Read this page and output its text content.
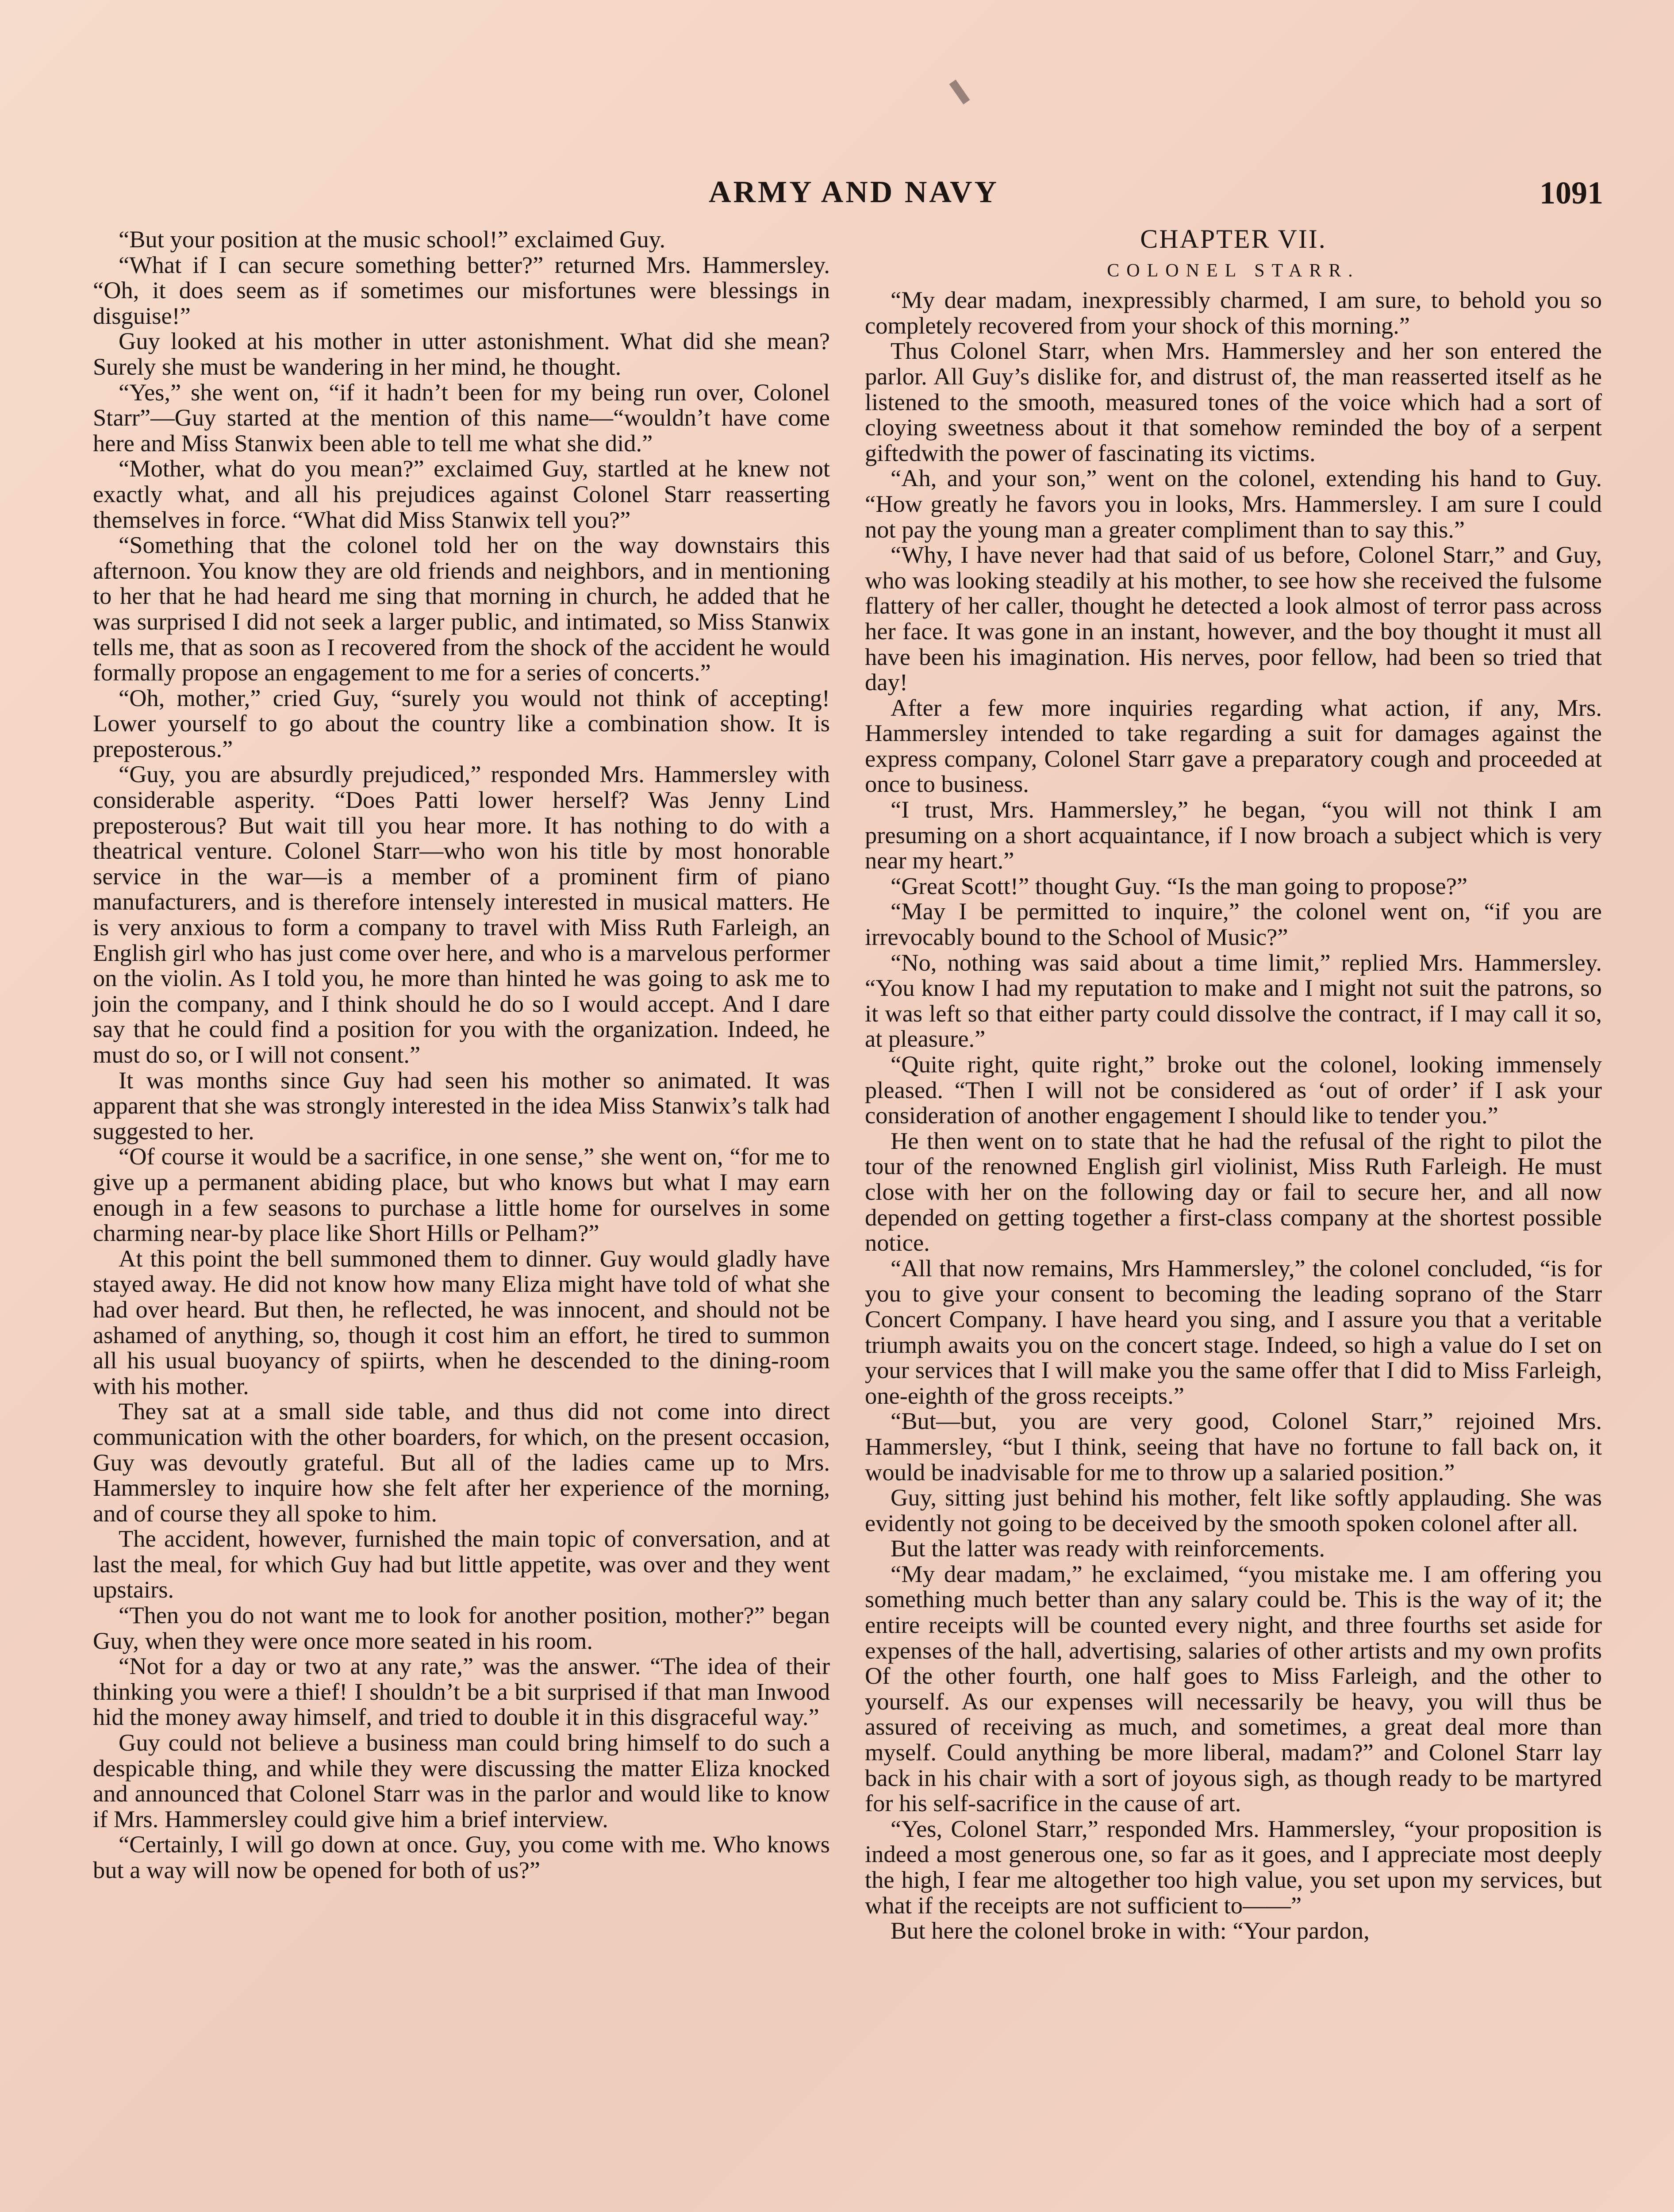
ARMY AND NAVY	1091

“But your position at the music school!” exclaimed Guy.

“What if I can secure something better?” returned Mrs. Hammersley. “Oh, it does seem as if sometimes our misfortunes were blessings in disguise!”

Guy looked at his mother in utter astonishment. What did she mean? Surely she must be wandering in her mind, he thought.

“Yes,” she went on, “if it hadn’t been for my being run over, Colonel Starr”—Guy started at the mention of this name—“wouldn’t have come here and Miss Stanwix been able to tell me what she did.”

“Mother, what do you mean?” exclaimed Guy, startled at he knew not exactly what, and all his prejudices against Colonel Starr reasserting themselves in force. “What did Miss Stanwix tell you?”

“Something that the colonel told her on the way downstairs this afternoon. You know they are old friends and neighbors, and in mentioning to her that he had heard me sing that morning in church, he added that he was surprised I did not seek a larger public, and intimated, so Miss Stanwix tells me, that as soon as I recovered from the shock of the accident he would formally propose an engagement to me for a series of concerts.”

“Oh, mother,” cried Guy, “surely you would not think of accepting! Lower yourself to go about the country like a combination show. It is preposterous.”

“Guy, you are absurdly prejudiced,” responded Mrs. Hammersley with considerable asperity. “Does Patti lower herself? Was Jenny Lind preposterous? But wait till you hear more. It has nothing to do with a theatrical venture. Colonel Starr—who won his title by most honorable service in the war—is a member of a prominent firm of piano manufacturers, and is therefore intensely interested in musical matters. He is very anxious to form a company to travel with Miss Ruth Farleigh, an English girl who has just come over here, and who is a marvelous performer on the violin. As I told you, he more than hinted he was going to ask me to join the company, and I think should he do so I would accept. And I dare say that he could find a position for you with the organization. Indeed, he must do so, or I will not consent.”

It was months since Guy had seen his mother so animated. It was apparent that she was strongly interested in the idea Miss Stanwix’s talk had suggested to her.

“Of course it would be a sacrifice, in one sense,” she went on, “for me to give up a permanent abiding place, but who knows but what I may earn enough in a few seasons to purchase a little home for ourselves in some charming near-by place like Short Hills or Pelham?”

At this point the bell summoned them to dinner. Guy would gladly have stayed away. He did not know how many Eliza might have told of what she had over heard. But then, he reflected, he was innocent, and should not be ashamed of anything, so, though it cost him an effort, he tired to summon all his usual buoyancy of spiirts, when he descended to the dining-room with his mother.

They sat at a small side table, and thus did not come into direct communication with the other boarders, for which, on the present occasion, Guy was devoutly grateful. But all of the ladies came up to Mrs. Hammersley to inquire how she felt after her experience of the morning, and of course they all spoke to him.

The accident, however, furnished the main topic of conversation, and at last the meal, for which Guy had but little appetite, was over and they went upstairs.

“Then you do not want me to look for another position, mother?” began Guy, when they were once more seated in his room.

“Not for a day or two at any rate,” was the answer. “The idea of their thinking you were a thief! I shouldn’t be a bit surprised if that man Inwood hid the money away himself, and tried to double it in this disgraceful way.”

Guy could not believe a business man could bring himself to do such a despicable thing, and while they were discussing the matter Eliza knocked and announced that Colonel Starr was in the parlor and would like to know if Mrs. Hammersley could give him a brief interview.

“Certainly, I will go down at once. Guy, you come with me. Who knows but a way will now be opened for both of us?”

CHAPTER VII.
COLONEL STARR.

“My dear madam, inexpressibly charmed, I am sure, to behold you so completely recovered from your shock of this morning.”

Thus Colonel Starr, when Mrs. Hammersley and her son entered the parlor. All Guy’s dislike for, and distrust of, the man reasserted itself as he listened to the smooth, measured tones of the voice which had a sort of cloying sweetness about it that somehow reminded the boy of a serpent giftedwith the power of fascinating its victims.

“Ah, and your son,” went on the colonel, extending his hand to Guy. “How greatly he favors you in looks, Mrs. Hammersley. I am sure I could not pay the young man a greater compliment than to say this.”

“Why, I have never had that said of us before, Colonel Starr,” and Guy, who was looking steadily at his mother, to see how she received the fulsome flattery of her caller, thought he detected a look almost of terror pass across her face. It was gone in an instant, however, and the boy thought it must all have been his imagination. His nerves, poor fellow, had been so tried that day!

After a few more inquiries regarding what action, if any, Mrs. Hammersley intended to take regarding a suit for damages against the express company, Colonel Starr gave a preparatory cough and proceeded at once to business.

“I trust, Mrs. Hammersley,” he began, “you will not think I am presuming on a short acquaintance, if I now broach a subject which is very near my heart.”

“Great Scott!” thought Guy. “Is the man going to propose?”

“May I be permitted to inquire,” the colonel went on, “if you are irrevocably bound to the School of Music?”

“No, nothing was said about a time limit,” replied Mrs. Hammersley. “You know I had my reputation to make and I might not suit the patrons, so it was left so that either party could dissolve the contract, if I may call it so, at pleasure.”

“Quite right, quite right,” broke out the colonel, looking immensely pleased. “Then I will not be considered as ‘out of order’ if I ask your consideration of another engagement I should like to tender you.”

He then went on to state that he had the refusal of the right to pilot the tour of the renowned English girl violinist, Miss Ruth Farleigh. He must close with her on the following day or fail to secure her, and all now depended on getting together a first-class company at the shortest possible notice.

“All that now remains, Mrs Hammersley,” the colonel concluded, “is for you to give your consent to becoming the leading soprano of the Starr Concert Company. I have heard you sing, and I assure you that a veritable triumph awaits you on the concert stage. Indeed, so high a value do I set on your services that I will make you the same offer that I did to Miss Farleigh, one-eighth of the gross receipts.”

“But—but, you are very good, Colonel Starr,” rejoined Mrs. Hammersley, “but I think, seeing that have no fortune to fall back on, it would be inadvisable for me to throw up a salaried position.”

Guy, sitting just behind his mother, felt like softly applauding. She was evidently not going to be deceived by the smooth spoken colonel after all.

But the latter was ready with reinforcements.

“My dear madam,” he exclaimed, “you mistake me. I am offering you something much better than any salary could be. This is the way of it; the entire receipts will be counted every night, and three fourths set aside for expenses of the hall, advertising, salaries of other artists and my own profits Of the other fourth, one half goes to Miss Farleigh, and the other to yourself. As our expenses will necessarily be heavy, you will thus be assured of receiving as much, and sometimes, a great deal more than myself. Could anything be more liberal, madam?” and Colonel Starr lay back in his chair with a sort of joyous sigh, as though ready to be martyred for his self-sacrifice in the cause of art.

“Yes, Colonel Starr,” responded Mrs. Hammersley, “your proposition is indeed a most generous one, so far as it goes, and I appreciate most deeply the high, I fear me altogether too high value, you set upon my services, but what if the receipts are not sufficient to——”

But here the colonel broke in with: “Your pardon,
